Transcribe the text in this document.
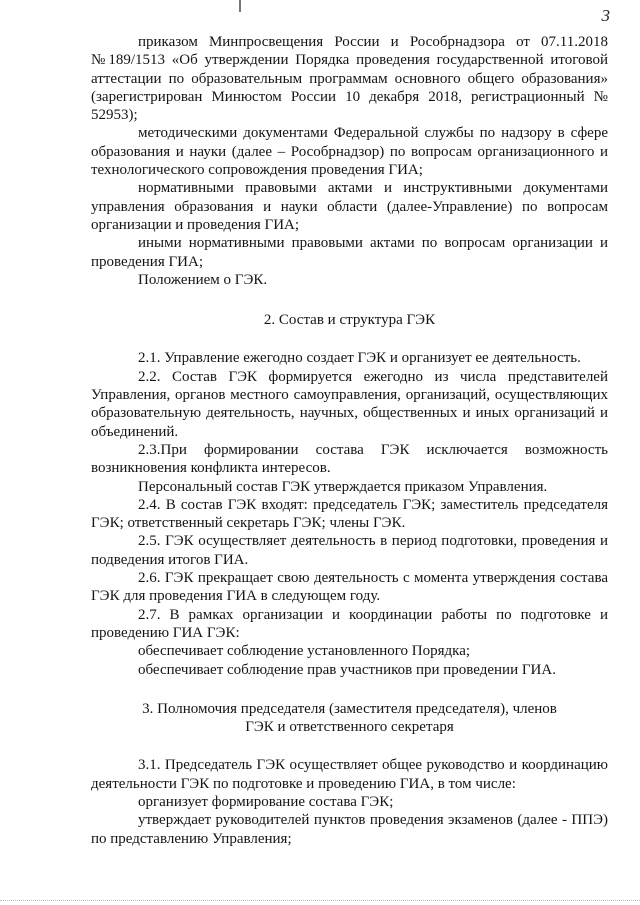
3

приказом Минпросвещения России и Рособрнадзора от 07.11.2018 №189/1513 «Об утверждении Порядка проведения государственной итоговой аттестации по образовательным программам основного общего образования» (зарегистрирован Минюстом России 10 декабря 2018, регистрационный № 52953);

методическими документами Федеральной службы по надзору в сфере образования и науки (далее – Рособрнадзор) по вопросам организационного и технологического сопровождения проведения ГИА;

нормативными правовыми актами и инструктивными документами управления образования и науки области (далее-Управление) по вопросам организации и проведения ГИА;

иными нормативными правовыми актами по вопросам организации и проведения ГИА;

Положением о ГЭК.

2. Состав и структура ГЭК

2.1. Управление ежегодно создает ГЭК и организует ее деятельность.

2.2. Состав ГЭК формируется ежегодно из числа представителей Управления, органов местного самоуправления, организаций, осуществляющих образовательную деятельность, научных, общественных и иных организаций и объединений.

2.3.При формировании состава ГЭК исключается возможность возникновения конфликта интересов.

Персональный состав ГЭК утверждается приказом Управления.

2.4. В состав ГЭК входят: председатель ГЭК; заместитель председателя ГЭК; ответственный секретарь ГЭК; члены ГЭК.

2.5. ГЭК осуществляет деятельность в период подготовки, проведения и подведения итогов ГИА.

2.6. ГЭК прекращает свою деятельность с момента утверждения состава ГЭК для проведения ГИА в следующем году.

2.7. В рамках организации и координации работы по подготовке и проведению ГИА ГЭК:

обеспечивает соблюдение установленного Порядка;

обеспечивает соблюдение прав участников при проведении ГИА.

3. Полномочия председателя (заместителя председателя), членов

ГЭК и ответственного секретаря

3.1. Председатель ГЭК осуществляет общее руководство и координацию деятельности ГЭК по подготовке и проведению ГИА, в том числе:

организует формирование состава ГЭК;

утверждает руководителей пунктов проведения экзаменов (далее - ППЭ) по представлению Управления;
